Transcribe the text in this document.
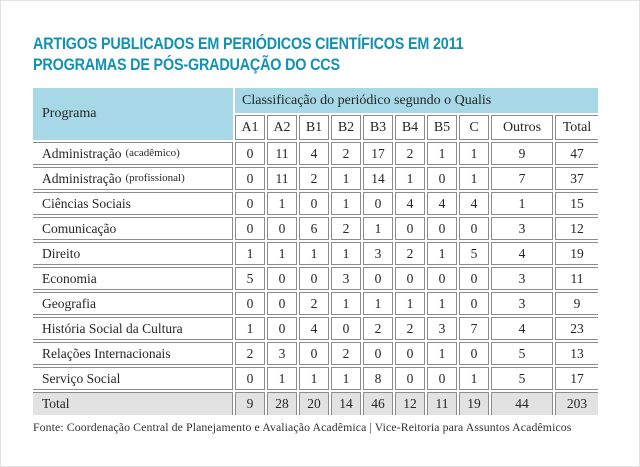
ARTIGOS PUBLICADOS EM PERIÓDICOS CIENTÍFICOS EM 2011
PROGRAMAS DE PÓS-GRADUAÇÃO DO CCS
Programa
Classificação do periódico segundo o Qualis
A1	A2	B1	B2	B3	B4	B5	C	Outros	Total
Administração (acadêmico)	0	11	4	2	17	2	1	1	9	47
Administração (profissional)	0	11	2	1	14	1	0	1	7	37
Ciências Sociais	0	1	0	1	0	4	4	4	1	15
Comunicação	0	0	6	2	1	0	0	0	3	12
Direito	1	1	1	1	3	2	1	5	4	19
Economia	5	0	0	3	0	0	0	0	3	11
Geografia	0	0	2	1	1	1	1	0	3	9
História Social da Cultura	1	0	4	0	2	2	3	7	4	23
Relações Internacionais	2	3	0	2	0	0	1	0	5	13
Serviço Social	0	1	1	1	8	0	0	1	5	17
Total	9	28	20	14	46	12	11	19	44	203
Fonte: Coordenação Central de Planejamento e Avaliação Acadêmica | Vice-Reitoria para Assuntos Acadêmicos
